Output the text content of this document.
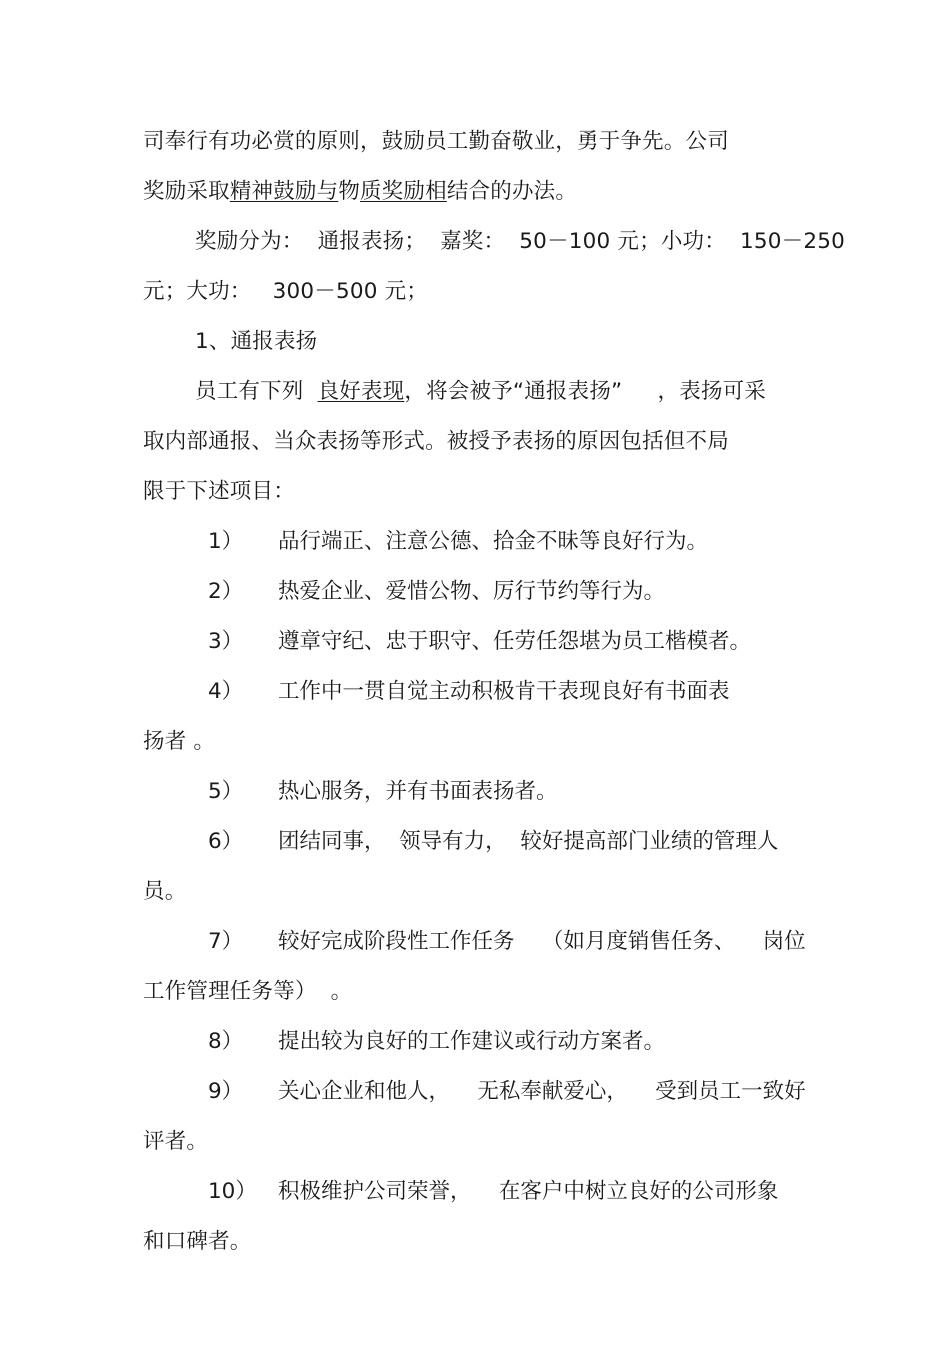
司奉行有功必赏的原则，鼓励员工勤奋敬业，勇于争先。公司
奖励采取精神鼓励与物质奖励相结合的办法。
奖励分为：  通报表扬；  嘉奖：  50－100 元；小功：  150－250
元；大功：   300－500 元；
1、通报表扬
员工有下列  良好表现，将会被予“通报表扬”     ，表扬可采
取内部通报、当众表扬等形式。被授予表扬的原因包括但不局
限于下述项目：
1） 品行端正、注意公德、拾金不昧等良好行为。
2） 热爱企业、爱惜公物、厉行节约等行为。
3） 遵章守纪、忠于职守、任劳任怨堪为员工楷模者。
4） 工作中一贯自觉主动积极肯干表现良好有书面表
扬者 。
5） 热心服务，并有书面表扬者。
6） 团结同事，  领导有力，  较好提高部门业绩的管理人
员。
7） 较好完成阶段性工作任务    （如月度销售任务、    岗位
工作管理任务等）  。
8） 提出较为良好的工作建议或行动方案者。
9） 关心企业和他人，    无私奉献爱心，    受到员工一致好
评者。
10） 积极维护公司荣誉，    在客户中树立良好的公司形象
和口碑者。
